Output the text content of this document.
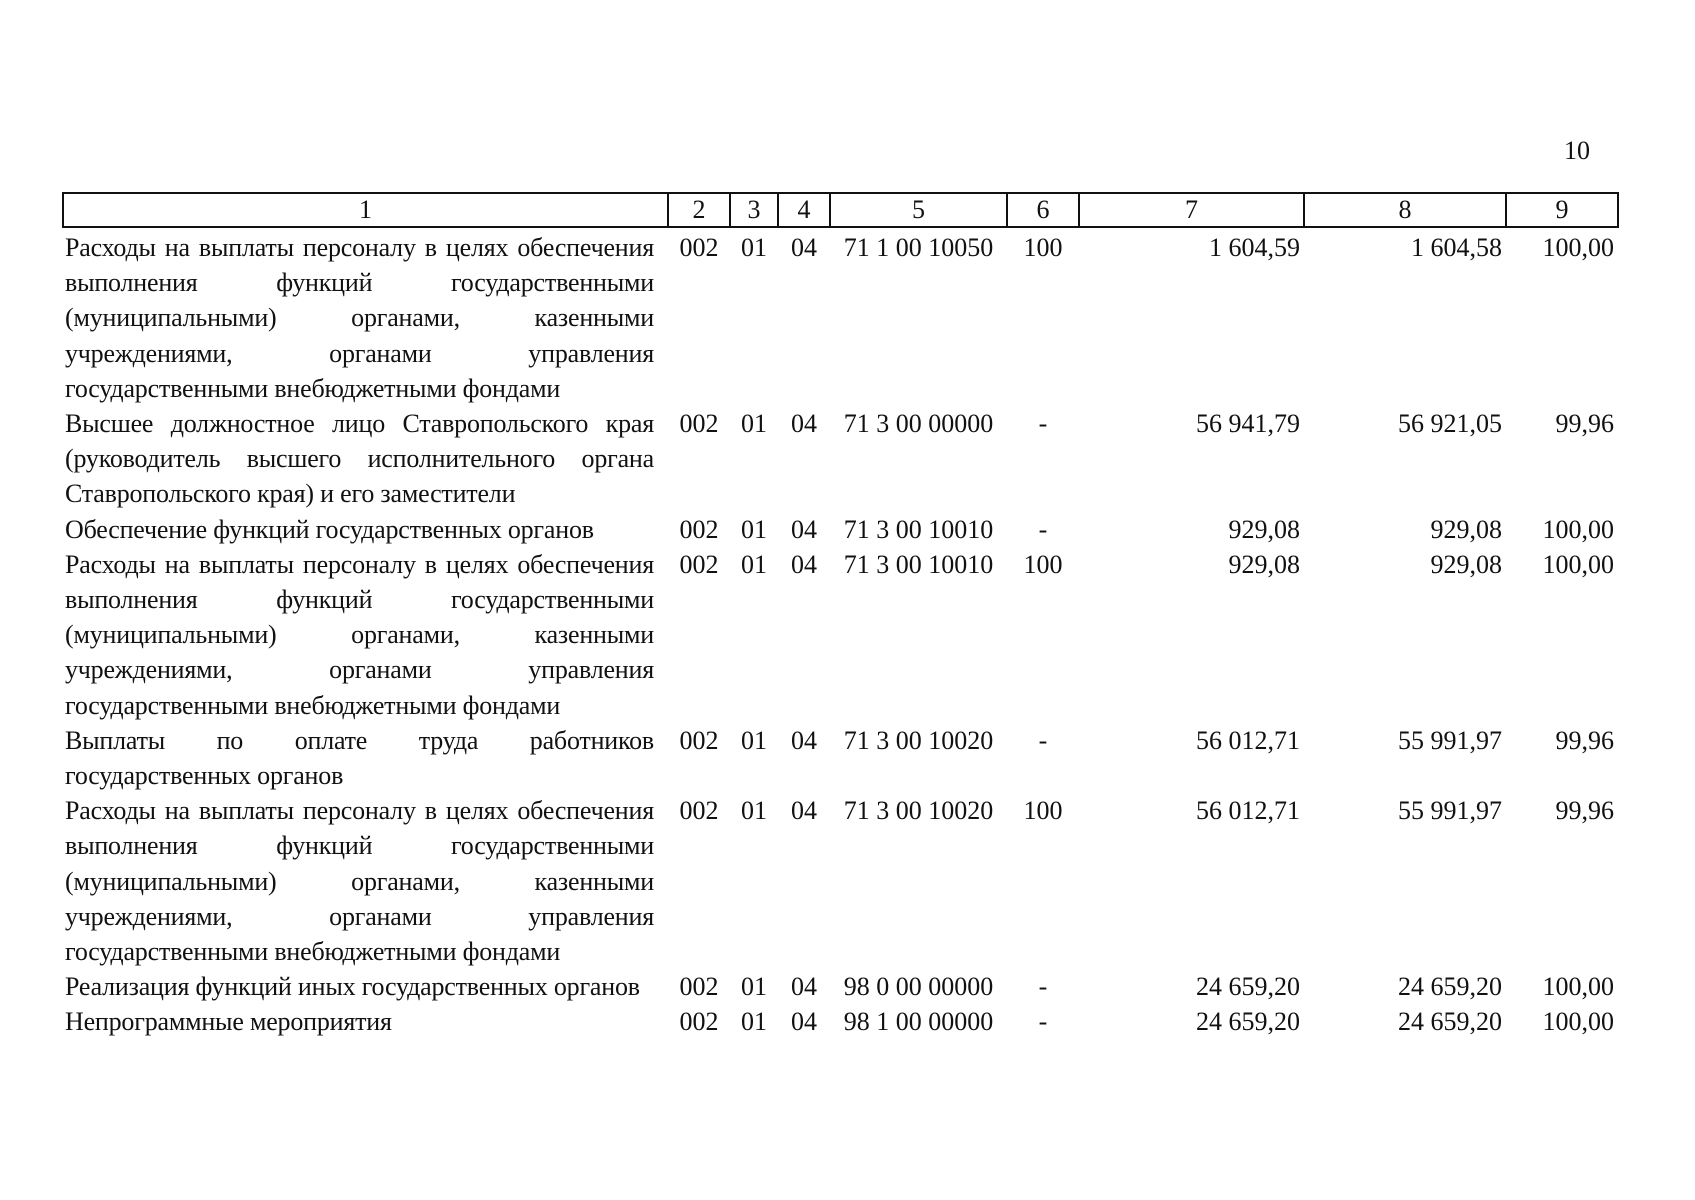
10
1	2	3	4	5	6	7	8	9
Расходы на выплаты персоналу в целях обеспечения выполнения функций государственными (муниципальными) органами, казенными учреждениями, органами управления государственными внебюджетными фондами	002	01	04	71 1 00 10050	100	1 604,59	1 604,58	100,00
Высшее должностное лицо Ставропольского края (руководитель высшего исполнительного органа Ставропольского края) и его заместители	002	01	04	71 3 00 00000	-	56 941,79	56 921,05	99,96
Обеспечение функций государственных органов	002	01	04	71 3 00 10010	-	929,08	929,08	100,00
Расходы на выплаты персоналу в целях обеспечения выполнения функций государственными (муниципальными) органами, казенными учреждениями, органами управления государственными внебюджетными фондами	002	01	04	71 3 00 10010	100	929,08	929,08	100,00
Выплаты по оплате труда работников государственных органов	002	01	04	71 3 00 10020	-	56 012,71	55 991,97	99,96
Расходы на выплаты персоналу в целях обеспечения выполнения функций государственными (муниципальными) органами, казенными учреждениями, органами управления государственными внебюджетными фондами	002	01	04	71 3 00 10020	100	56 012,71	55 991,97	99,96
Реализация функций иных государственных органов	002	01	04	98 0 00 00000	-	24 659,20	24 659,20	100,00
Непрограммные мероприятия	002	01	04	98 1 00 00000	-	24 659,20	24 659,20	100,00
